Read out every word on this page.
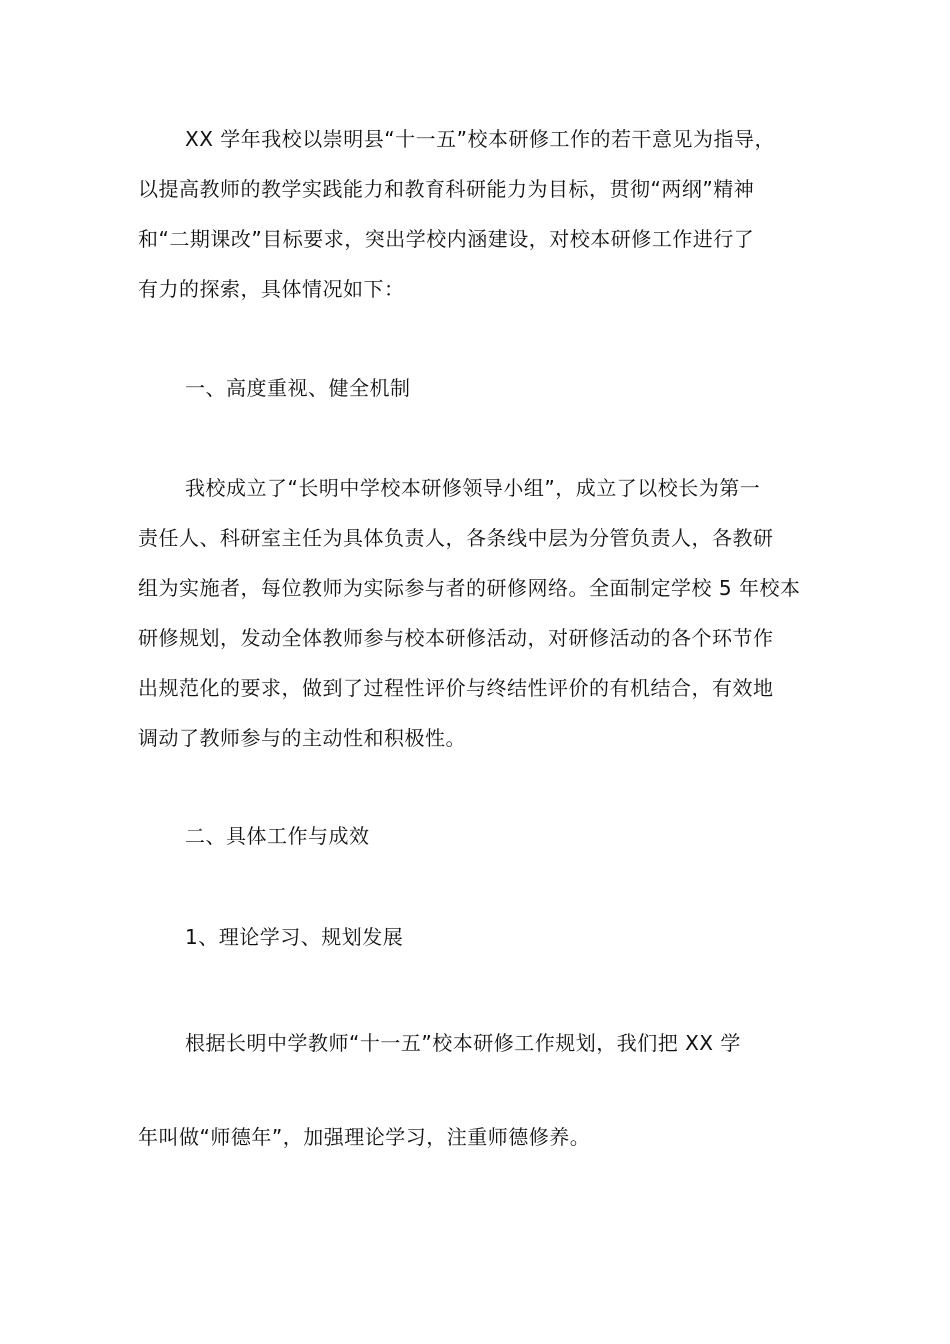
XX 学年我校以崇明县“十一五”校本研修工作的若干意见为指导，
以提高教师的教学实践能力和教育科研能力为目标，贯彻“两纲”精神
和“二期课改”目标要求，突出学校内涵建设，对校本研修工作进行了
有力的探索，具体情况如下：
一、高度重视、健全机制
我校成立了“长明中学校本研修领导小组”，成立了以校长为第一
责任人、科研室主任为具体负责人，各条线中层为分管负责人，各教研
组为实施者，每位教师为实际参与者的研修网络。全面制定学校 5 年校本
研修规划，发动全体教师参与校本研修活动，对研修活动的各个环节作
出规范化的要求，做到了过程性评价与终结性评价的有机结合，有效地
调动了教师参与的主动性和积极性。
二、具体工作与成效
1、理论学习、规划发展
根据长明中学教师“十一五”校本研修工作规划，我们把 XX 学
年叫做“师德年”，加强理论学习，注重师德修养。
